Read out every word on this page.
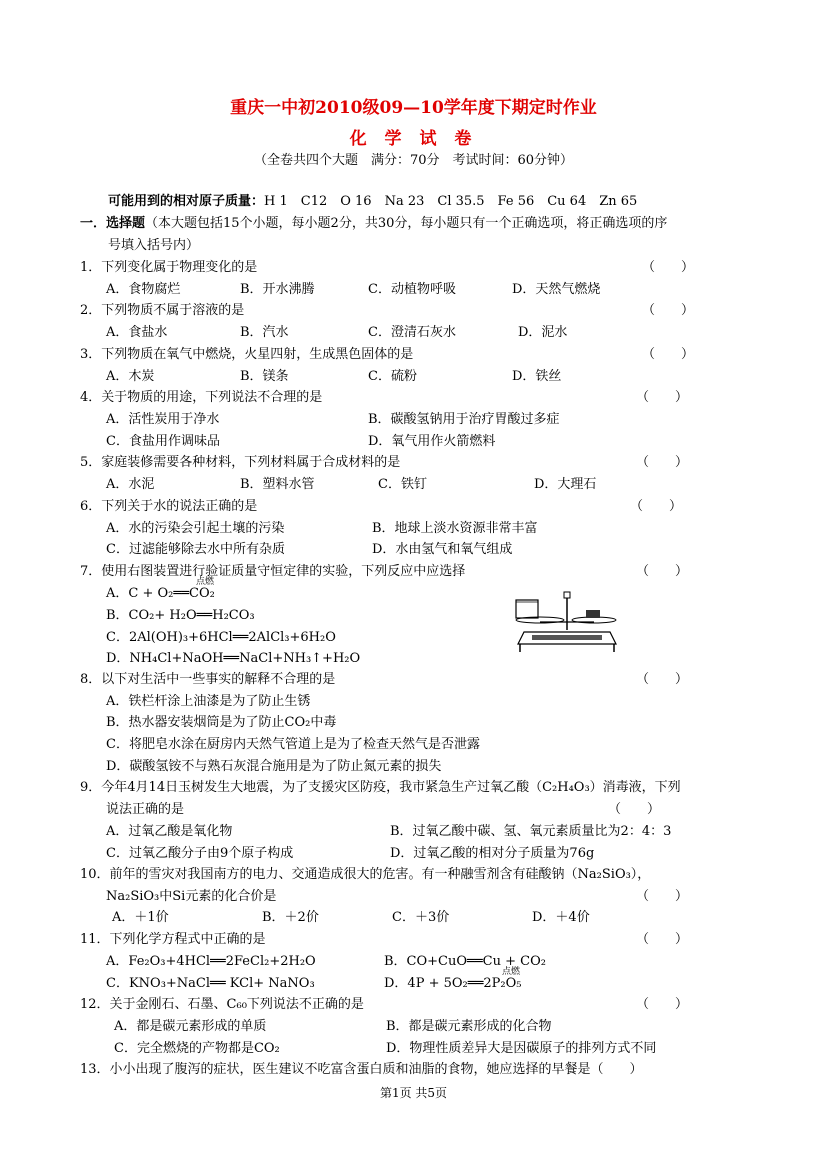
重庆一中初2010级09—10学年度下期定时作业
化 学 试 卷
（全卷共四个大题　满分：70分　考试时间：60分钟）
可能用到的相对原子质量：H 1　C12　O 16　Na 23　Cl 35.5　Fe 56　Cu 64　Zn 65
一．选择题（本大题包括15个小题，每小题2分，共30分，每小题只有一个正确选项，将正确选项的序
号填入括号内）
1．下列变化属于物理变化的是	（　　）
A．食物腐烂	B．开水沸腾	C．动植物呼吸	D．天然气燃烧
2．下列物质不属于溶液的是	（　　）
A．食盐水	B．汽水	C．澄清石灰水	D．泥水
3．下列物质在氧气中燃烧，火星四射，生成黑色固体的是	（　　）
A．木炭	B．镁条	C．硫粉	D．铁丝
4．关于物质的用途，下列说法不合理的是	（　　）
A．活性炭用于净水	B．碳酸氢钠用于治疗胃酸过多症
C．食盐用作调味品	D．氧气用作火箭燃料
5．家庭装修需要各种材料，下列材料属于合成材料的是	（　　）
A．水泥	B．塑料水管	C．铁钉	D．大理石
6．下列关于水的说法正确的是	（　　）
A．水的污染会引起土壤的污染	B．地球上淡水资源非常丰富
C．过滤能够除去水中所有杂质	D．水由氢气和氧气组成
7．使用右图装置进行验证质量守恒定律的实验，下列反应中应选择	（　　）
A．C + O₂══CO₂
点燃
B．CO₂+ H₂O══H₂CO₃
C．2Al(OH)₃+6HCl══2AlCl₃+6H₂O
D．NH₄Cl+NaOH══NaCl+NH₃↑+H₂O
8．以下对生活中一些事实的解释不合理的是	（　　）
A．铁栏杆涂上油漆是为了防止生锈
B．热水器安装烟筒是为了防止CO₂中毒
C．将肥皂水涂在厨房内天然气管道上是为了检查天然气是否泄露
D．碳酸氢铵不与熟石灰混合施用是为了防止氮元素的损失
9．今年4月14日玉树发生大地震，为了支援灾区防疫，我市紧急生产过氧乙酸（C₂H₄O₃）消毒液，下列
说法正确的是	（　　）
A．过氧乙酸是氧化物	B．过氧乙酸中碳、氢、氧元素质量比为2：4：3
C．过氧乙酸分子由9个原子构成	D．过氧乙酸的相对分子质量为76g
10．前年的雪灾对我国南方的电力、交通造成很大的危害。有一种融雪剂含有硅酸钠（Na₂SiO₃），
Na₂SiO₃中Si元素的化合价是	（　　）
A．＋1价	B．＋2价	C．＋3价	D．＋4价
11．下列化学方程式中正确的是	（　　）
A．Fe₂O₃+4HCl══2FeCl₂+2H₂O	B．CO+CuO══Cu + CO₂
C．KNO₃+NaCl══ KCl+ NaNO₃	D．4P + 5O₂══2P₂O₅
点燃
12．关于金刚石、石墨、C₆₀下列说法不正确的是	（　　）
A．都是碳元素形成的单质	B．都是碳元素形成的化合物
C．完全燃烧的产物都是CO₂	D．物理性质差异大是因碳原子的排列方式不同
13．小小出现了腹泻的症状，医生建议不吃富含蛋白质和油脂的食物，她应选择的早餐是（　　）
第1页 共5页
